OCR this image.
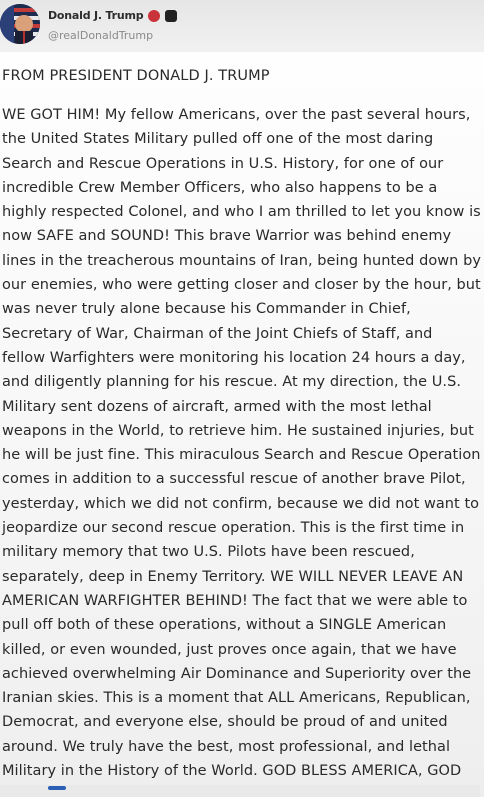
Donald J. Trump
@realDonaldTrump
FROM PRESIDENT DONALD J. TRUMP
WE GOT HIM! My fellow Americans, over the past several hours,
the United States Military pulled off one of the most daring
Search and Rescue Operations in U.S. History, for one of our
incredible Crew Member Officers, who also happens to be a
highly respected Colonel, and who I am thrilled to let you know is
now SAFE and SOUND! This brave Warrior was behind enemy
lines in the treacherous mountains of Iran, being hunted down by
our enemies, who were getting closer and closer by the hour, but
was never truly alone because his Commander in Chief,
Secretary of War, Chairman of the Joint Chiefs of Staff, and
fellow Warfighters were monitoring his location 24 hours a day,
and diligently planning for his rescue. At my direction, the U.S.
Military sent dozens of aircraft, armed with the most lethal
weapons in the World, to retrieve him. He sustained injuries, but
he will be just fine. This miraculous Search and Rescue Operation
comes in addition to a successful rescue of another brave Pilot,
yesterday, which we did not confirm, because we did not want to
jeopardize our second rescue operation. This is the first time in
military memory that two U.S. Pilots have been rescued,
separately, deep in Enemy Territory. WE WILL NEVER LEAVE AN
AMERICAN WARFIGHTER BEHIND! The fact that we were able to
pull off both of these operations, without a SINGLE American
killed, or even wounded, just proves once again, that we have
achieved overwhelming Air Dominance and Superiority over the
Iranian skies. This is a moment that ALL Americans, Republican,
Democrat, and everyone else, should be proud of and united
around. We truly have the best, most professional, and lethal
Military in the History of the World. GOD BLESS AMERICA, GOD
